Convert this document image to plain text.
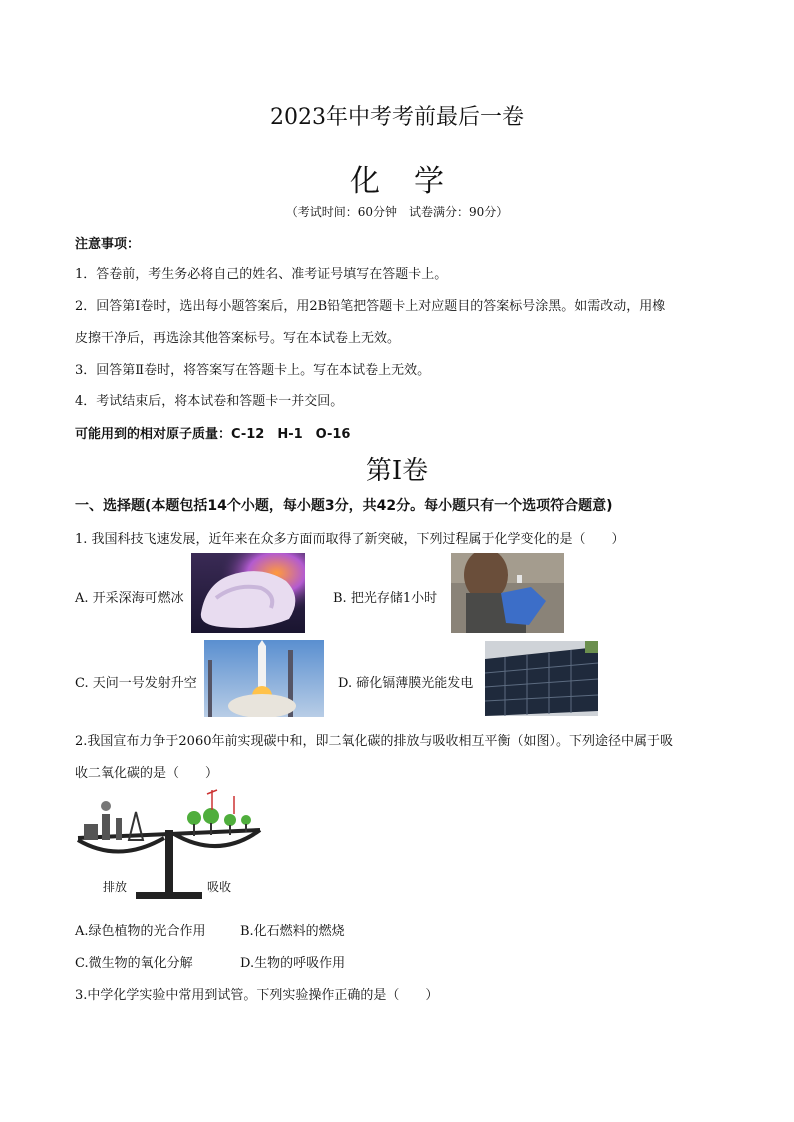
2023年中考考前最后一卷
化学
（考试时间：60分钟　试卷满分：90分）
注意事项：
1．答卷前，考生务必将自己的姓名、准考证号填写在答题卡上。
2．回答第Ⅰ卷时，选出每小题答案后，用2B铅笔把答题卡上对应题目的答案标号涂黑。如需改动，用橡
皮擦干净后，再选涂其他答案标号。写在本试卷上无效。
3．回答第Ⅱ卷时，将答案写在答题卡上。写在本试卷上无效。
4．考试结束后，将本试卷和答题卡一并交回。
可能用到的相对原子质量：C-12　H-1　O-16
第Ⅰ卷
一、选择题(本题包括14个小题，每小题3分，共42分。每小题只有一个选项符合题意)
1. 我国科技飞速发展，近年来在众多方面而取得了新突破，下列过程属于化学变化的是（　　）
A. 开采深海可燃冰	B. 把光存储1小时
C. 天问一号发射升空	D. 碲化镉薄膜光能发电
2.我国宣布力争于2060年前实现碳中和，即二氧化碳的排放与吸收相互平衡（如图）。下列途径中属于吸
收二氧化碳的是（　　）
排放	吸收
A.绿色植物的光合作用	B.化石燃料的燃烧
C.微生物的氧化分解	D.生物的呼吸作用
3.中学化学实验中常用到试管。下列实验操作正确的是（　　）
